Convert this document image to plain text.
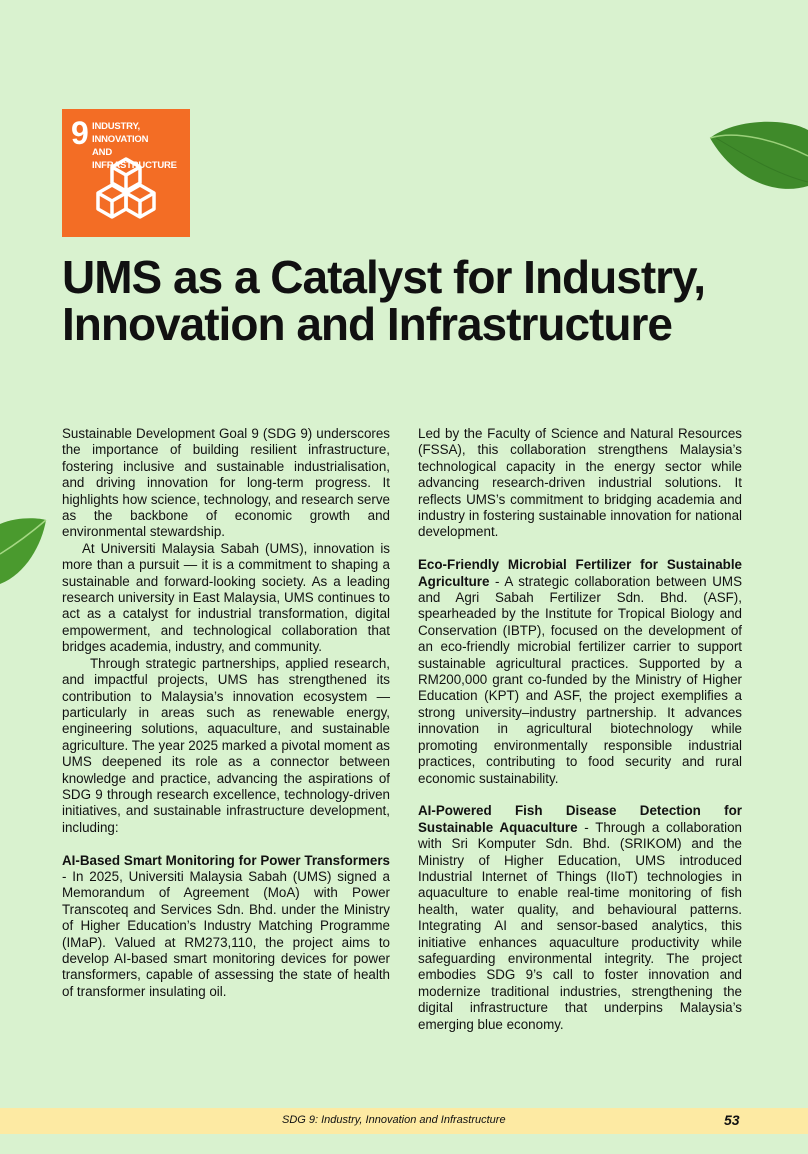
9 INDUSTRY, INNOVATION
AND INFRASTRUCTURE
UMS as a Catalyst for Industry, Innovation and Infrastructure

Sustainable Development Goal 9 (SDG 9) underscores the importance of building resilient infrastructure, fostering inclusive and sustainable industrialisation, and driving innovation for long-term progress. It highlights how science, technology, and research serve as the backbone of economic growth and environmental stewardship.

At Universiti Malaysia Sabah (UMS), innovation is more than a pursuit — it is a commitment to shaping a sustainable and forward-looking society. As a leading research university in East Malaysia, UMS continues to act as a catalyst for industrial transformation, digital empowerment, and technological collaboration that bridges academia, industry, and community.

Through strategic partnerships, applied research, and impactful projects, UMS has strengthened its contribution to Malaysia’s innovation ecosystem — particularly in areas such as renewable energy, engineering solutions, aquaculture, and sustainable agriculture. The year 2025 marked a pivotal moment as UMS deepened its role as a connector between knowledge and practice, advancing the aspirations of SDG 9 through research excellence, technology-driven initiatives, and sustainable infrastructure development, including:

AI-Based Smart Monitoring for Power Transformers - In 2025, Universiti Malaysia Sabah (UMS) signed a Memorandum of Agreement (MoA) with Power Transcoteq and Services Sdn. Bhd. under the Ministry of Higher Education’s Industry Matching Programme (IMaP). Valued at RM273,110, the project aims to develop AI-based smart monitoring devices for power transformers, capable of assessing the state of health of transformer insulating oil.

Led by the Faculty of Science and Natural Resources (FSSA), this collaboration strengthens Malaysia’s technological capacity in the energy sector while advancing research-driven industrial solutions. It reflects UMS’s commitment to bridging academia and industry in fostering sustainable innovation for national development.

Eco-Friendly Microbial Fertilizer for Sustainable Agriculture - A strategic collaboration between UMS and Agri Sabah Fertilizer Sdn. Bhd. (ASF), spearheaded by the Institute for Tropical Biology and Conservation (IBTP), focused on the development of an eco-friendly microbial fertilizer carrier to support sustainable agricultural practices. Supported by a RM200,000 grant co-funded by the Ministry of Higher Education (KPT) and ASF, the project exemplifies a strong university–industry partnership. It advances innovation in agricultural biotechnology while promoting environmentally responsible industrial practices, contributing to food security and rural economic sustainability.

AI-Powered Fish Disease Detection for Sustainable Aquaculture - Through a collaboration with Sri Komputer Sdn. Bhd. (SRIKOM) and the Ministry of Higher Education, UMS introduced Industrial Internet of Things (IIoT) technologies in aquaculture to enable real-time monitoring of fish health, water quality, and behavioural patterns. Integrating AI and sensor-based analytics, this initiative enhances aquaculture productivity while safeguarding environmental integrity. The project embodies SDG 9’s call to foster innovation and modernize traditional industries, strengthening the digital infrastructure that underpins Malaysia’s emerging blue economy.

SDG 9: Industry, Innovation and Infrastructure	53
